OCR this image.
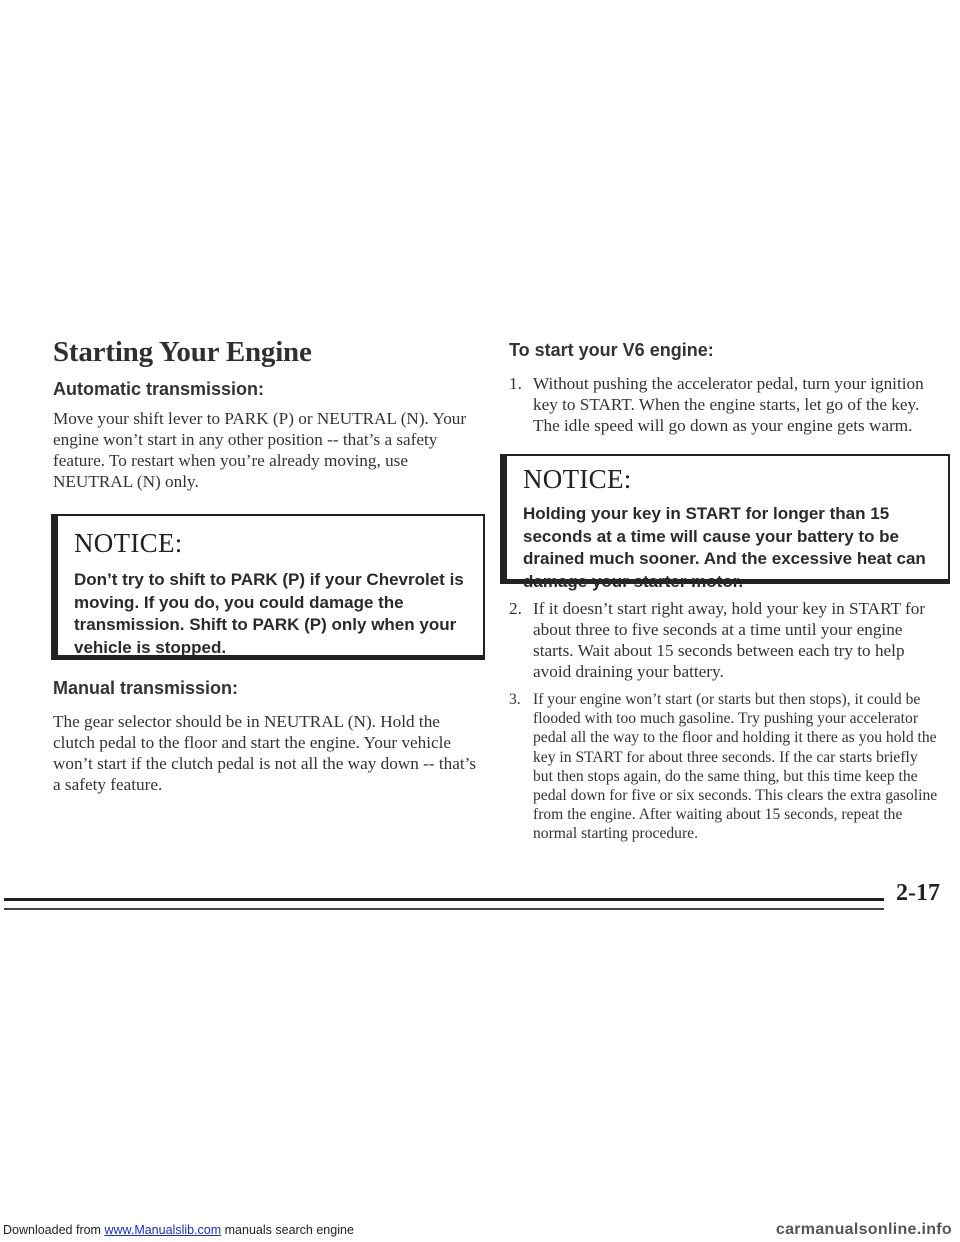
Starting Your Engine
Automatic transmission:

Move your shift lever to PARK (P) or NEUTRAL (N). Your engine won’t start in any other position -- that’s a safety feature. To restart when you’re already moving, use NEUTRAL (N) only.

NOTICE:
Don’t try to shift to PARK (P) if your Chevrolet is moving. If you do, you could damage the transmission. Shift to PARK (P) only when your vehicle is stopped.
Manual transmission:

The gear selector should be in NEUTRAL (N). Hold the clutch pedal to the floor and start the engine. Your vehicle won’t start if the clutch pedal is not all the way down -- that’s a safety feature.

To start your V6 engine:
1. Without pushing the accelerator pedal, turn your ignition key to START. When the engine starts, let go of the key. The idle speed will go down as your engine gets warm.
NOTICE:
Holding your key in START for longer than 15 seconds at a time will cause your battery to be drained much sooner. And the excessive heat can damage your starter motor.
2. If it doesn’t start right away, hold your key in START for about three to five seconds at a time until your engine starts. Wait about 15 seconds between each try to help avoid draining your battery.
3. If your engine won’t start (or starts but then stops), it could be flooded with too much gasoline. Try pushing your accelerator pedal all the way to the floor and holding it there as you hold the key in START for about three seconds. If the car starts briefly but then stops again, do the same thing, but this time keep the pedal down for five or six seconds. This clears the extra gasoline from the engine. After waiting about 15 seconds, repeat the normal starting procedure.
2-17
Downloaded from www.Manualslib.com manuals search engine	carmanualsonline.info
